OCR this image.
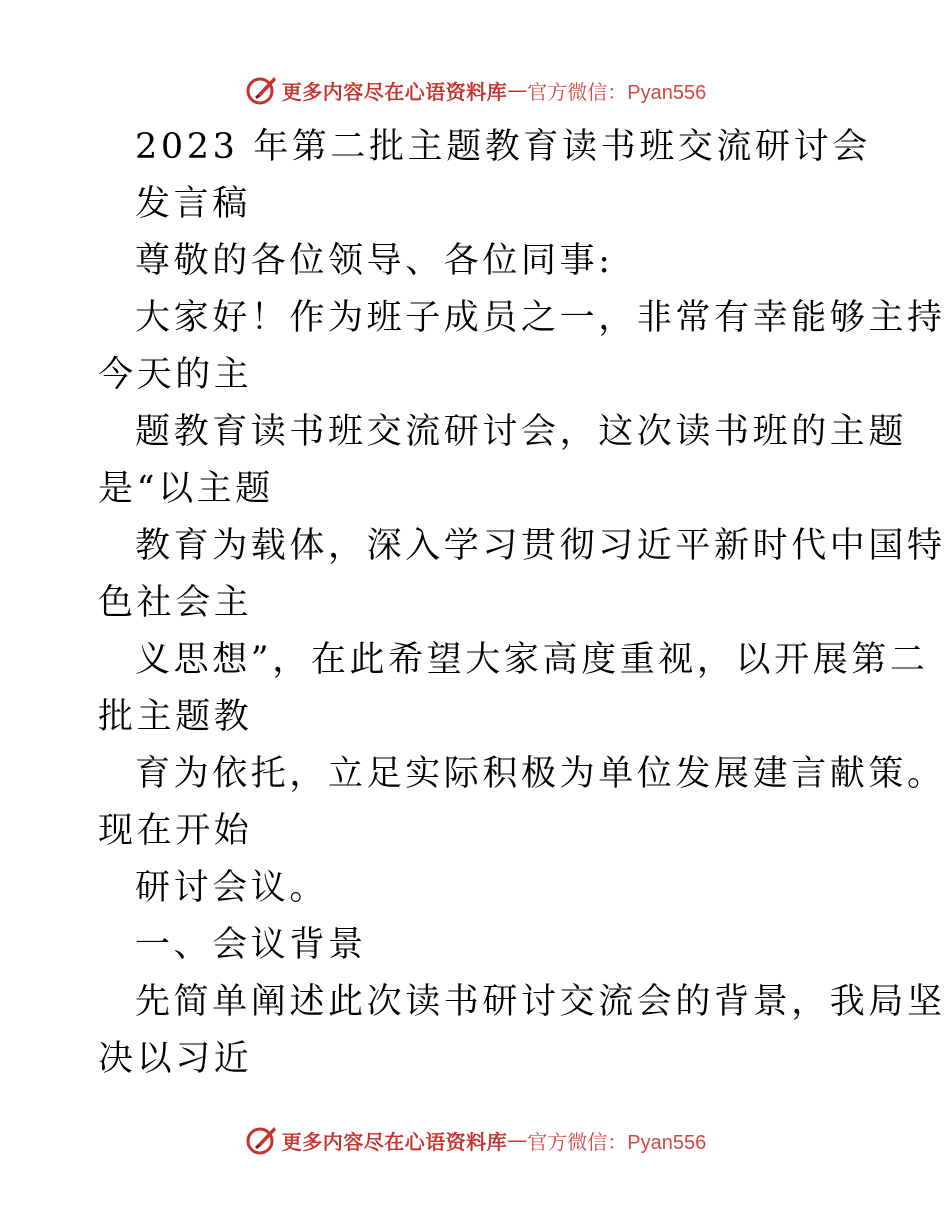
更多内容尽在心语资料库 — 官方微信：Pyan556
2023 年第二批主题教育读书班交流研讨会
发言稿
尊敬的各位领导、各位同事:
大家好！作为班子成员之一，非常有幸能够主持
今天的主
题教育读书班交流研讨会，这次读书班的主题
是“以主题
教育为载体，深入学习贯彻习近平新时代中国特
色社会主
义思想”，在此希望大家高度重视，以开展第二
批主题教
育为依托，立足实际积极为单位发展建言献策。
现在开始
研讨会议。
一、会议背景
先简单阐述此次读书研讨交流会的背景，我局坚
决以习近
更多内容尽在心语资料库 — 官方微信：Pyan556
